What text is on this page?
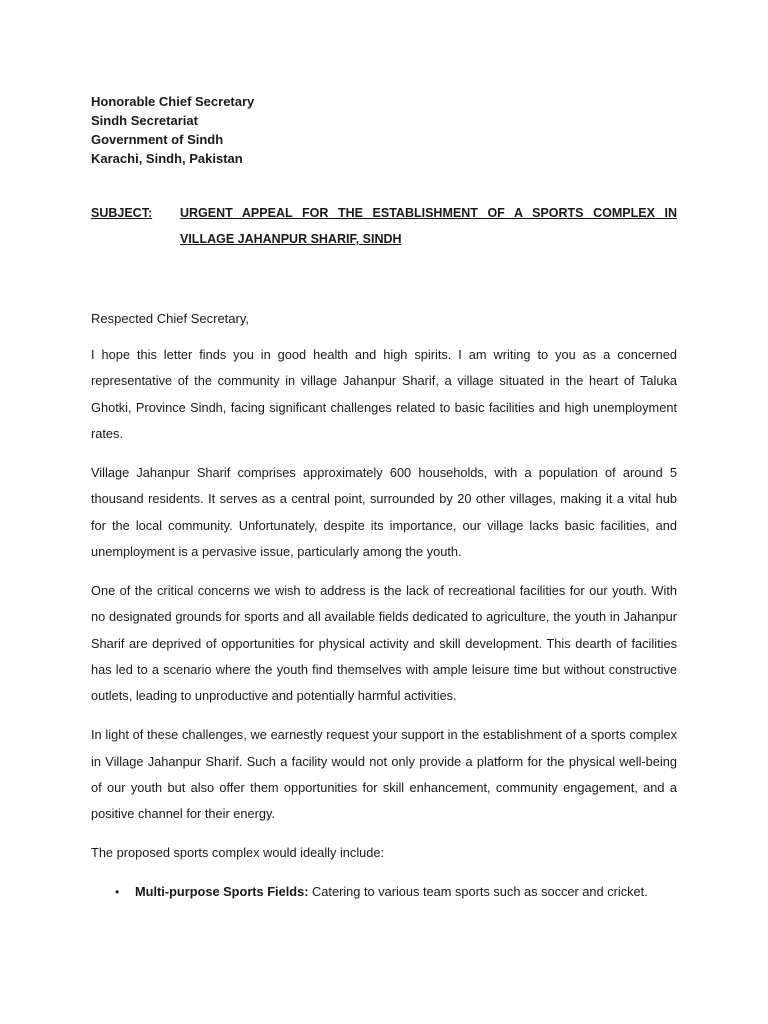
Honorable Chief Secretary
Sindh Secretariat
Government of Sindh
Karachi, Sindh, Pakistan
SUBJECT:	URGENT APPEAL FOR THE ESTABLISHMENT OF A SPORTS COMPLEX IN VILLAGE JAHANPUR SHARIF, SINDH
Respected Chief Secretary,

I hope this letter finds you in good health and high spirits. I am writing to you as a concerned representative of the community in village Jahanpur Sharif, a village situated in the heart of Taluka Ghotki, Province Sindh, facing significant challenges related to basic facilities and high unemployment rates.

Village Jahanpur Sharif comprises approximately 600 households, with a population of around 5 thousand residents. It serves as a central point, surrounded by 20 other villages, making it a vital hub for the local community. Unfortunately, despite its importance, our village lacks basic facilities, and unemployment is a pervasive issue, particularly among the youth.

One of the critical concerns we wish to address is the lack of recreational facilities for our youth. With no designated grounds for sports and all available fields dedicated to agriculture, the youth in Jahanpur Sharif are deprived of opportunities for physical activity and skill development. This dearth of facilities has led to a scenario where the youth find themselves with ample leisure time but without constructive outlets, leading to unproductive and potentially harmful activities.

In light of these challenges, we earnestly request your support in the establishment of a sports complex in Village Jahanpur Sharif. Such a facility would not only provide a platform for the physical well-being of our youth but also offer them opportunities for skill enhancement, community engagement, and a positive channel for their energy.

The proposed sports complex would ideally include:

•	Multi-purpose Sports Fields: Catering to various team sports such as soccer and cricket.
